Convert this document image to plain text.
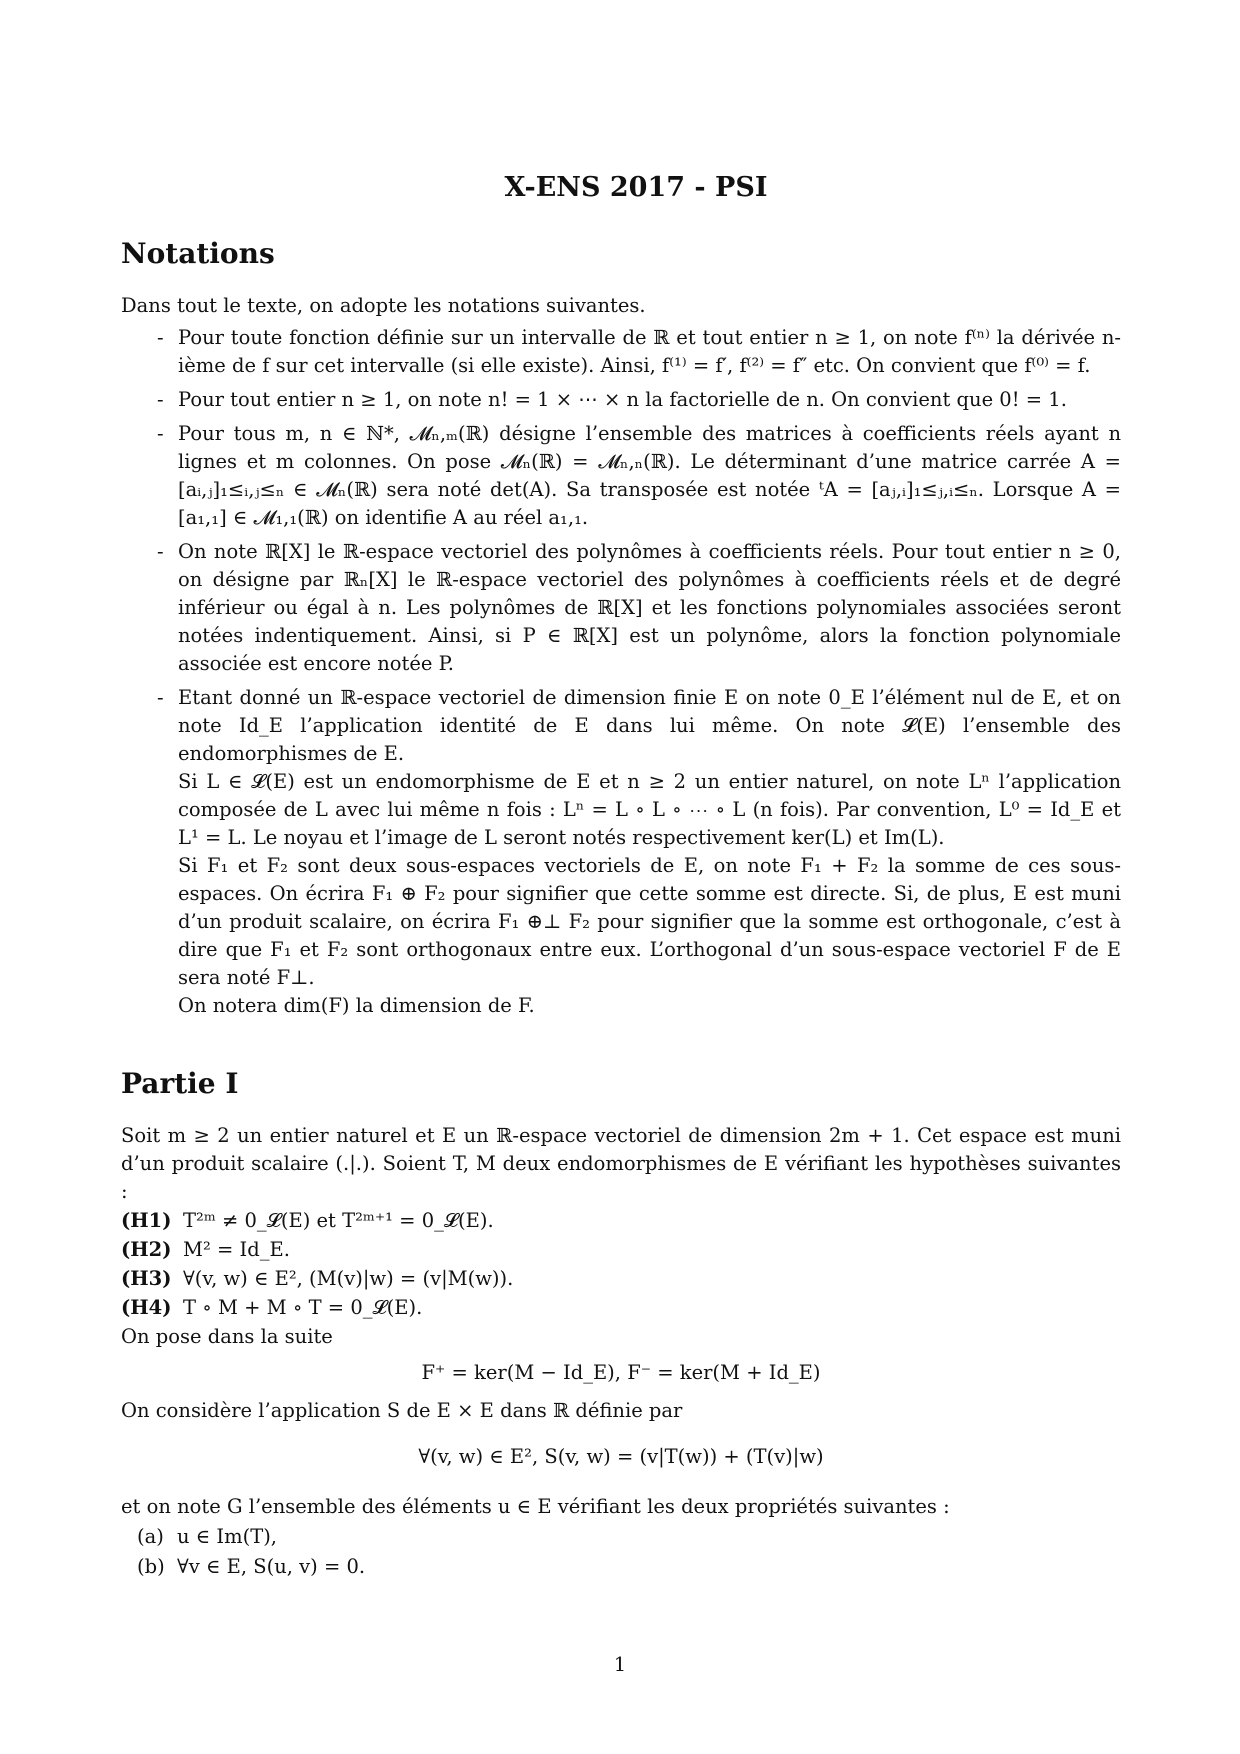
X-ENS 2017 - PSI
Notations

Dans tout le texte, on adopte les notations suivantes.

- Pour toute fonction définie sur un intervalle de ℝ et tout entier n ≥ 1, on note f⁽ⁿ⁾ la dérivée n-ième de f sur cet intervalle (si elle existe). Ainsi, f⁽¹⁾ = f′, f⁽²⁾ = f″ etc. On convient que f⁽⁰⁾ = f.
- Pour tout entier n ≥ 1, on note n! = 1 × ⋯ × n la factorielle de n. On convient que 0! = 1.
- Pour tous m, n ∈ ℕ*, 𝓜ₙ,ₘ(ℝ) désigne l’ensemble des matrices à coefficients réels ayant n lignes et m colonnes. On pose 𝓜ₙ(ℝ) = 𝓜ₙ,ₙ(ℝ). Le déterminant d’une matrice carrée A = [aᵢ,ⱼ]₁≤ᵢ,ⱼ≤ₙ ∈ 𝓜ₙ(ℝ) sera noté det(A). Sa transposée est notée ᵗA = [aⱼ,ᵢ]₁≤ⱼ,ᵢ≤ₙ. Lorsque A = [a₁,₁] ∈ 𝓜₁,₁(ℝ) on identifie A au réel a₁,₁.
- On note ℝ[X] le ℝ-espace vectoriel des polynômes à coefficients réels. Pour tout entier n ≥ 0, on désigne par ℝₙ[X] le ℝ-espace vectoriel des polynômes à coefficients réels et de degré inférieur ou égal à n. Les polynômes de ℝ[X] et les fonctions polynomiales associées seront notées indentiquement. Ainsi, si P ∈ ℝ[X] est un polynôme, alors la fonction polynomiale associée est encore notée P.
- Etant donné un ℝ-espace vectoriel de dimension finie E on note 0_E l’élément nul de E, et on note Id_E l’application identité de E dans lui même. On note 𝓛(E) l’ensemble des endomorphismes de E.
Si L ∈ 𝓛(E) est un endomorphisme de E et n ≥ 2 un entier naturel, on note Lⁿ l’application composée de L avec lui même n fois : Lⁿ = L ∘ L ∘ ⋯ ∘ L (n fois). Par convention, L⁰ = Id_E et L¹ = L. Le noyau et l’image de L seront notés respectivement ker(L) et Im(L).
Si F₁ et F₂ sont deux sous-espaces vectoriels de E, on note F₁ + F₂ la somme de ces sous-espaces. On écrira F₁ ⊕ F₂ pour signifier que cette somme est directe. Si, de plus, E est muni d’un produit scalaire, on écrira F₁ ⊕⊥ F₂ pour signifier que la somme est orthogonale, c’est à dire que F₁ et F₂ sont orthogonaux entre eux. L’orthogonal d’un sous-espace vectoriel F de E sera noté F⊥.
On notera dim(F) la dimension de F.
Partie I

Soit m ≥ 2 un entier naturel et E un ℝ-espace vectoriel de dimension 2m + 1. Cet espace est muni d’un produit scalaire (.|.). Soient T, M deux endomorphismes de E vérifiant les hypothèses suivantes :

(H1) T²ᵐ ≠ 0_𝓛(E) et T²ᵐ⁺¹ = 0_𝓛(E).
(H2) M² = Id_E.
(H3) ∀(v, w) ∈ E², (M(v)|w) = (v|M(w)).
(H4) T ∘ M + M ∘ T = 0_𝓛(E).

On pose dans la suite

F⁺ = ker(M − Id_E), F⁻ = ker(M + Id_E)

On considère l’application S de E × E dans ℝ définie par

∀(v, w) ∈ E², S(v, w) = (v|T(w)) + (T(v)|w)

et on note G l’ensemble des éléments u ∈ E vérifiant les deux propriétés suivantes :

(a) u ∈ Im(T),
(b) ∀v ∈ E, S(u, v) = 0.
1
